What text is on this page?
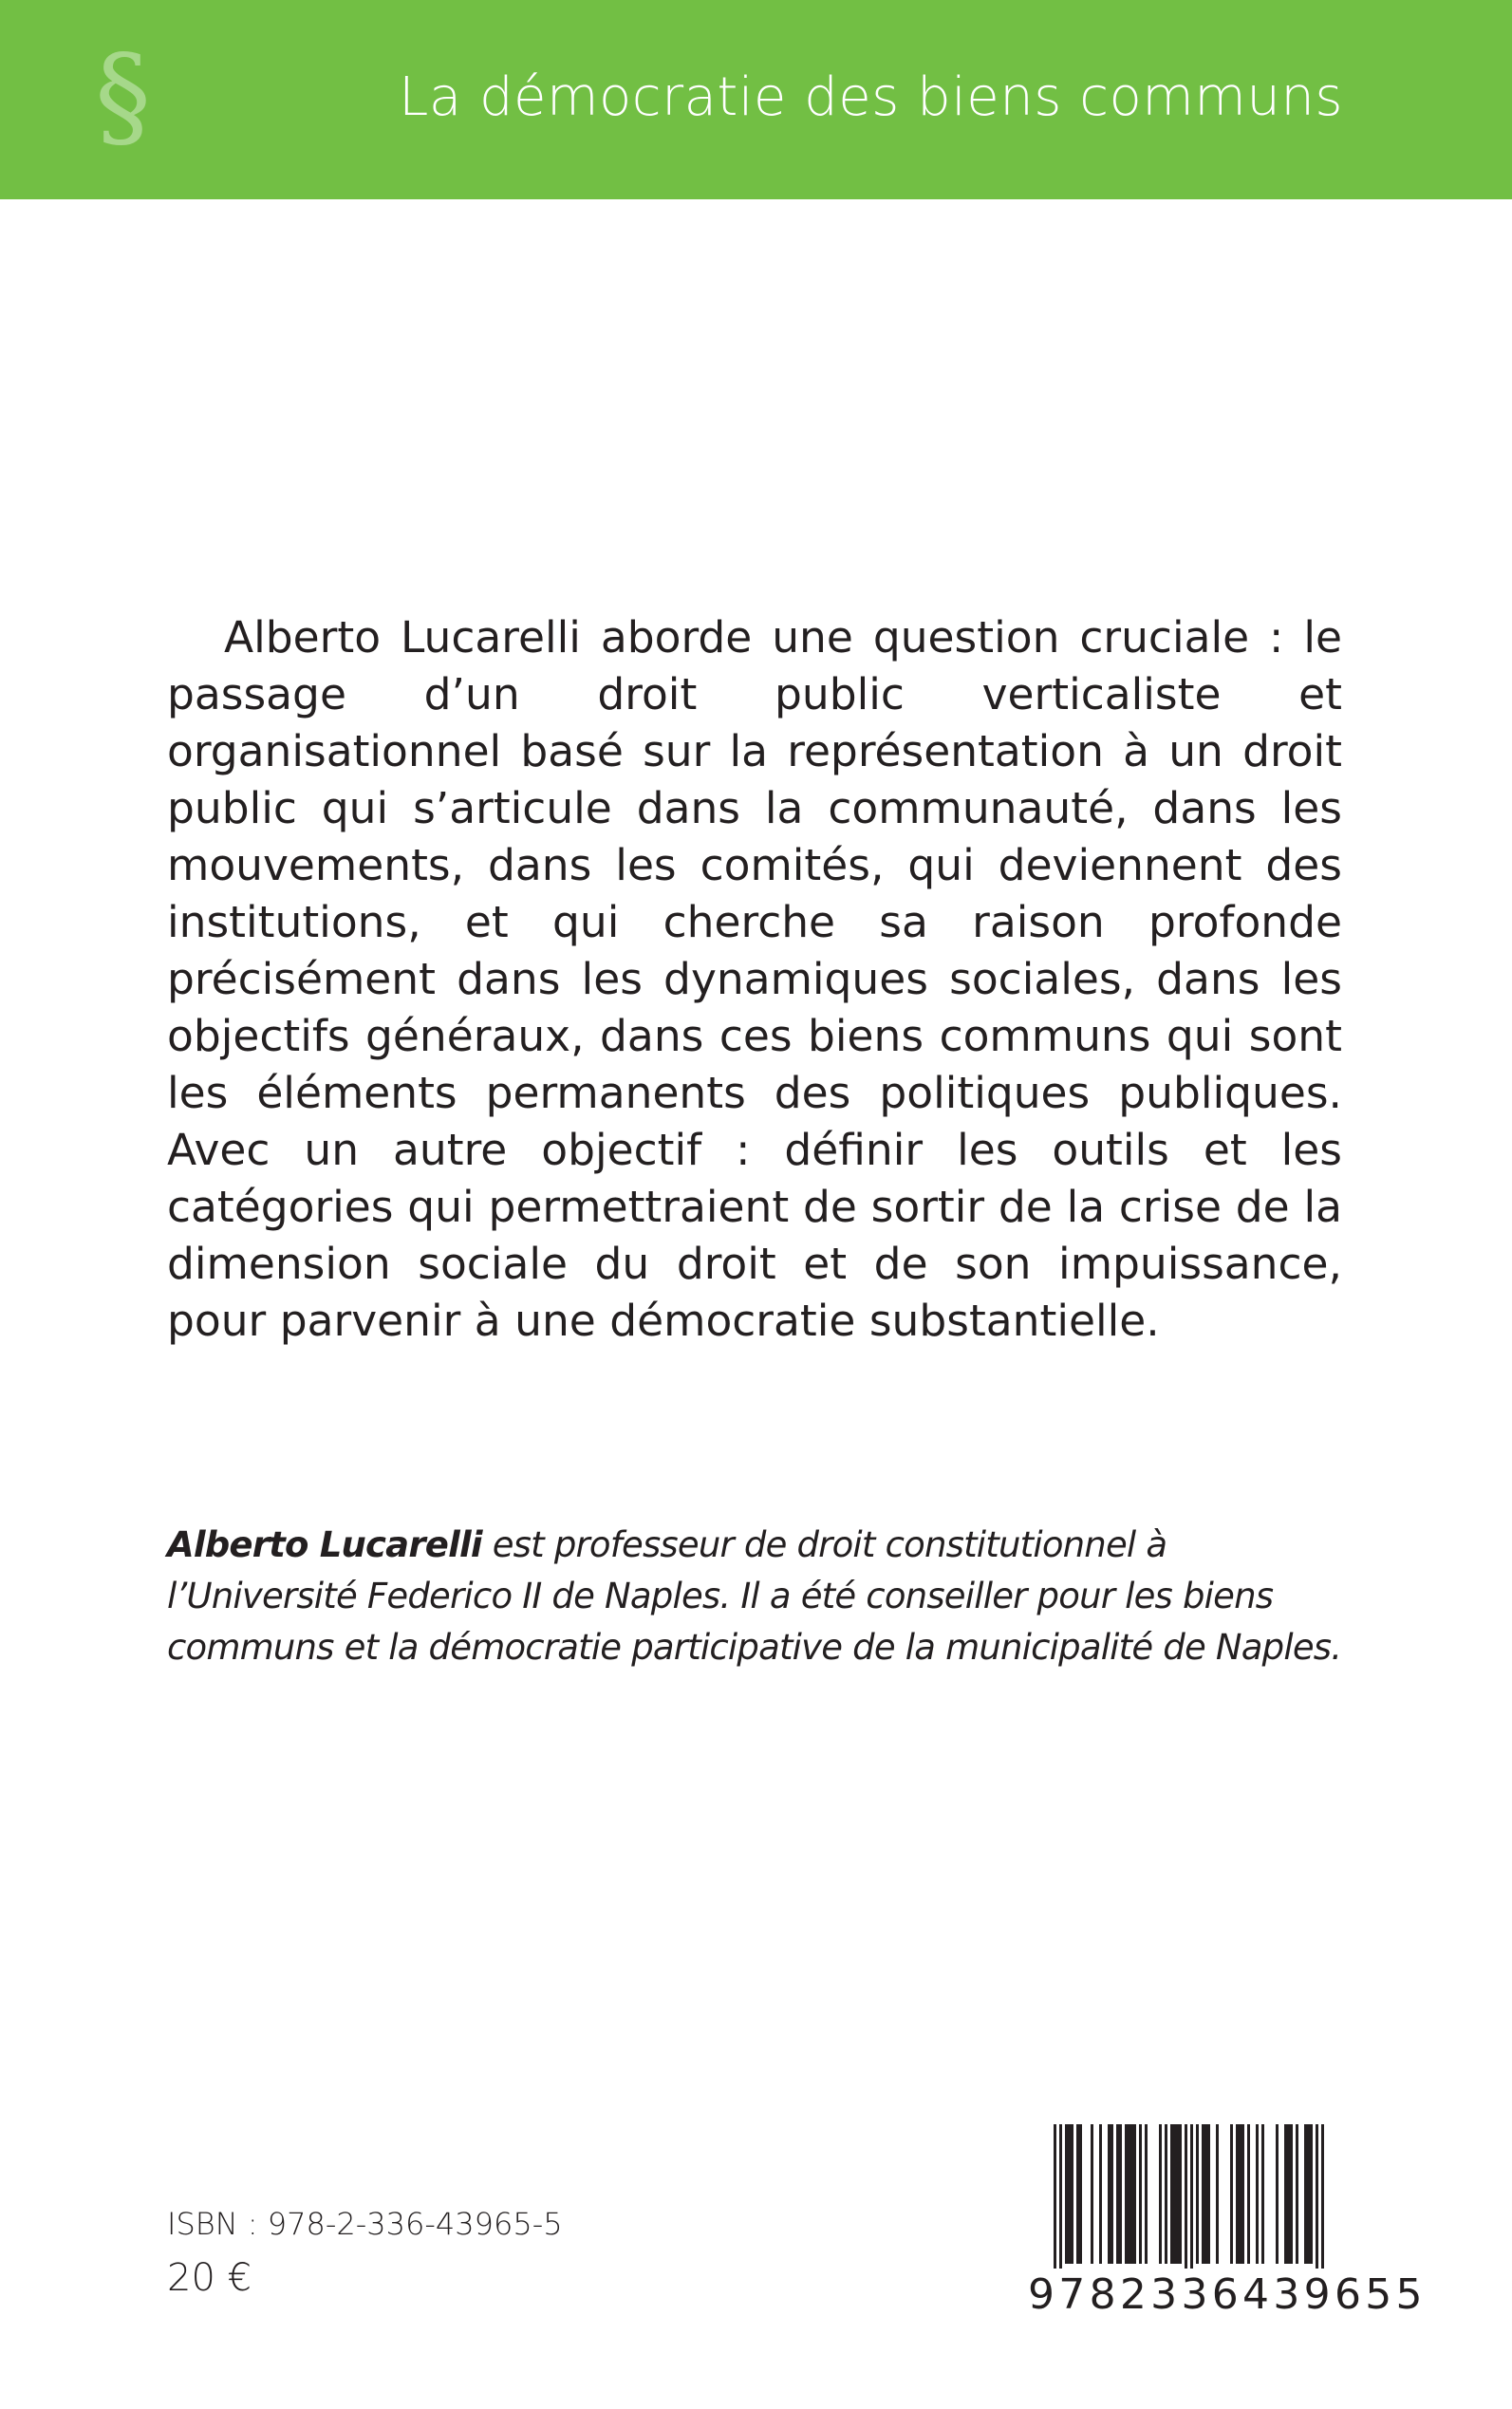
§	La démocratie des biens communs

Alberto Lucarelli aborde une question cruciale : le passage d’un droit public verticaliste et organisationnel basé sur la représentation à un droit public qui s’articule dans la communauté, dans les mouvements, dans les comités, qui deviennent des institutions, et qui cherche sa raison profonde précisément dans les dynamiques sociales, dans les objectifs généraux, dans ces biens communs qui sont les éléments permanents des politiques publiques. Avec un autre objectif : définir les outils et les catégories qui permettraient de sortir de la crise de la dimension sociale du droit et de son impuissance, pour parvenir à une démocratie substantielle.

Alberto Lucarelli est professeur de droit constitutionnel à l’Université Federico II de Naples. Il a été conseiller pour les biens communs et la démocratie participative de la municipalité de Naples.

ISBN : 978-2-336-43965-5
20 €	9782336439655
